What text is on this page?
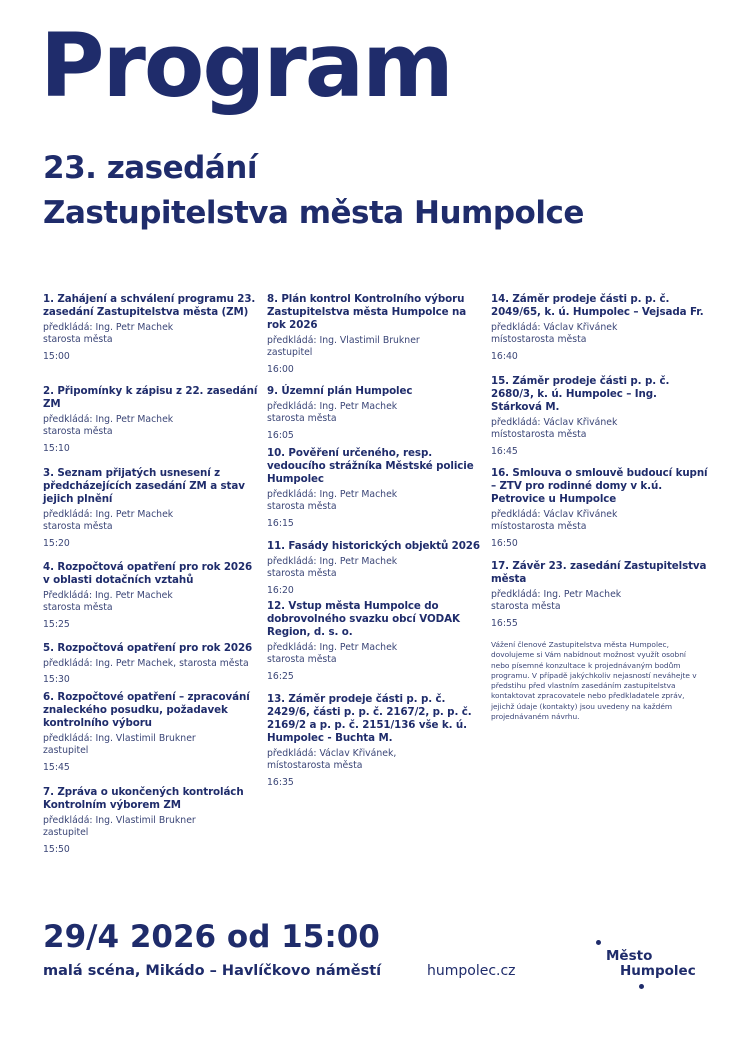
Program
23. zasedání
Zastupitelstva města Humpolce
1. Zahájení a schválení programu 23. zasedání Zastupitelstva města (ZM)
předkládá: Ing. Petr Machek
starosta města
15:00
2. Připomínky k zápisu z 22. zasedání ZM
předkládá: Ing. Petr Machek
starosta města
15:10
3. Seznam přijatých usnesení z předcházejících zasedání ZM a stav jejich plnění
předkládá: Ing. Petr Machek
starosta města
15:20
4. Rozpočtová opatření pro rok 2026 v oblasti dotačních vztahů
Předkládá: Ing. Petr Machek
starosta města
15:25
5. Rozpočtová opatření pro rok 2026
předkládá: Ing. Petr Machek, starosta města
15:30
6. Rozpočtové opatření – zpracování znaleckého posudku, požadavek kontrolního výboru
předkládá: Ing. Vlastimil Brukner
zastupitel
15:45
7. Zpráva o ukončených kontrolách Kontrolním výborem ZM
předkládá: Ing. Vlastimil Brukner
zastupitel
15:50
8. Plán kontrol Kontrolního výboru Zastupitelstva města Humpolce na rok 2026
předkládá: Ing. Vlastimil Brukner
zastupitel
16:00
9. Územní plán Humpolec
předkládá: Ing. Petr Machek
starosta města
16:05
10. Pověření určeného, resp. vedoucího strážníka Městské policie Humpolec
předkládá: Ing. Petr Machek
starosta města
16:15
11. Fasády historických objektů 2026
předkládá: Ing. Petr Machek
starosta města
16:20
12. Vstup města Humpolce do dobrovolného svazku obcí VODAK Region, d. s. o.
předkládá: Ing. Petr Machek
starosta města
16:25
13. Záměr prodeje části p. p. č. 2429/6, části p. p. č. 2167/2, p. p. č. 2169/2 a p. p. č. 2151/136 vše k. ú. Humpolec - Buchta M.
předkládá: Václav Křivánek,
místostarosta města
16:35
14. Záměr prodeje části p. p. č. 2049/65, k. ú. Humpolec – Vejsada Fr.
předkládá: Václav Křivánek
místostarosta města
16:40
15. Záměr prodeje části p. p. č. 2680/3, k. ú. Humpolec – Ing. Stárková M.
předkládá: Václav Křivánek
místostarosta města
16:45
16. Smlouva o smlouvě budoucí kupní – ZTV pro rodinné domy v k.ú. Petrovice u Humpolce
předkládá: Václav Křivánek
místostarosta města
16:50
17. Závěr 23. zasedání Zastupitelstva města
předkládá: Ing. Petr Machek
starosta města
16:55
Vážení členové Zastupitelstva města Humpolec, dovolujeme si Vám nabídnout možnost využít osobní nebo písemné konzultace k projednávaným bodům programu. V případě jakýchkoliv nejasností neváhejte v předstihu před vlastním zasedáním zastupitelstva kontaktovat zpracovatele nebo předkladatele zpráv, jejichž údaje (kontakty) jsou uvedeny na každém projednávaném návrhu.
29/4 2026 od 15:00
malá scéna, Mikádo – Havlíčkovo náměstí	humpolec.cz
Město
Humpolec
